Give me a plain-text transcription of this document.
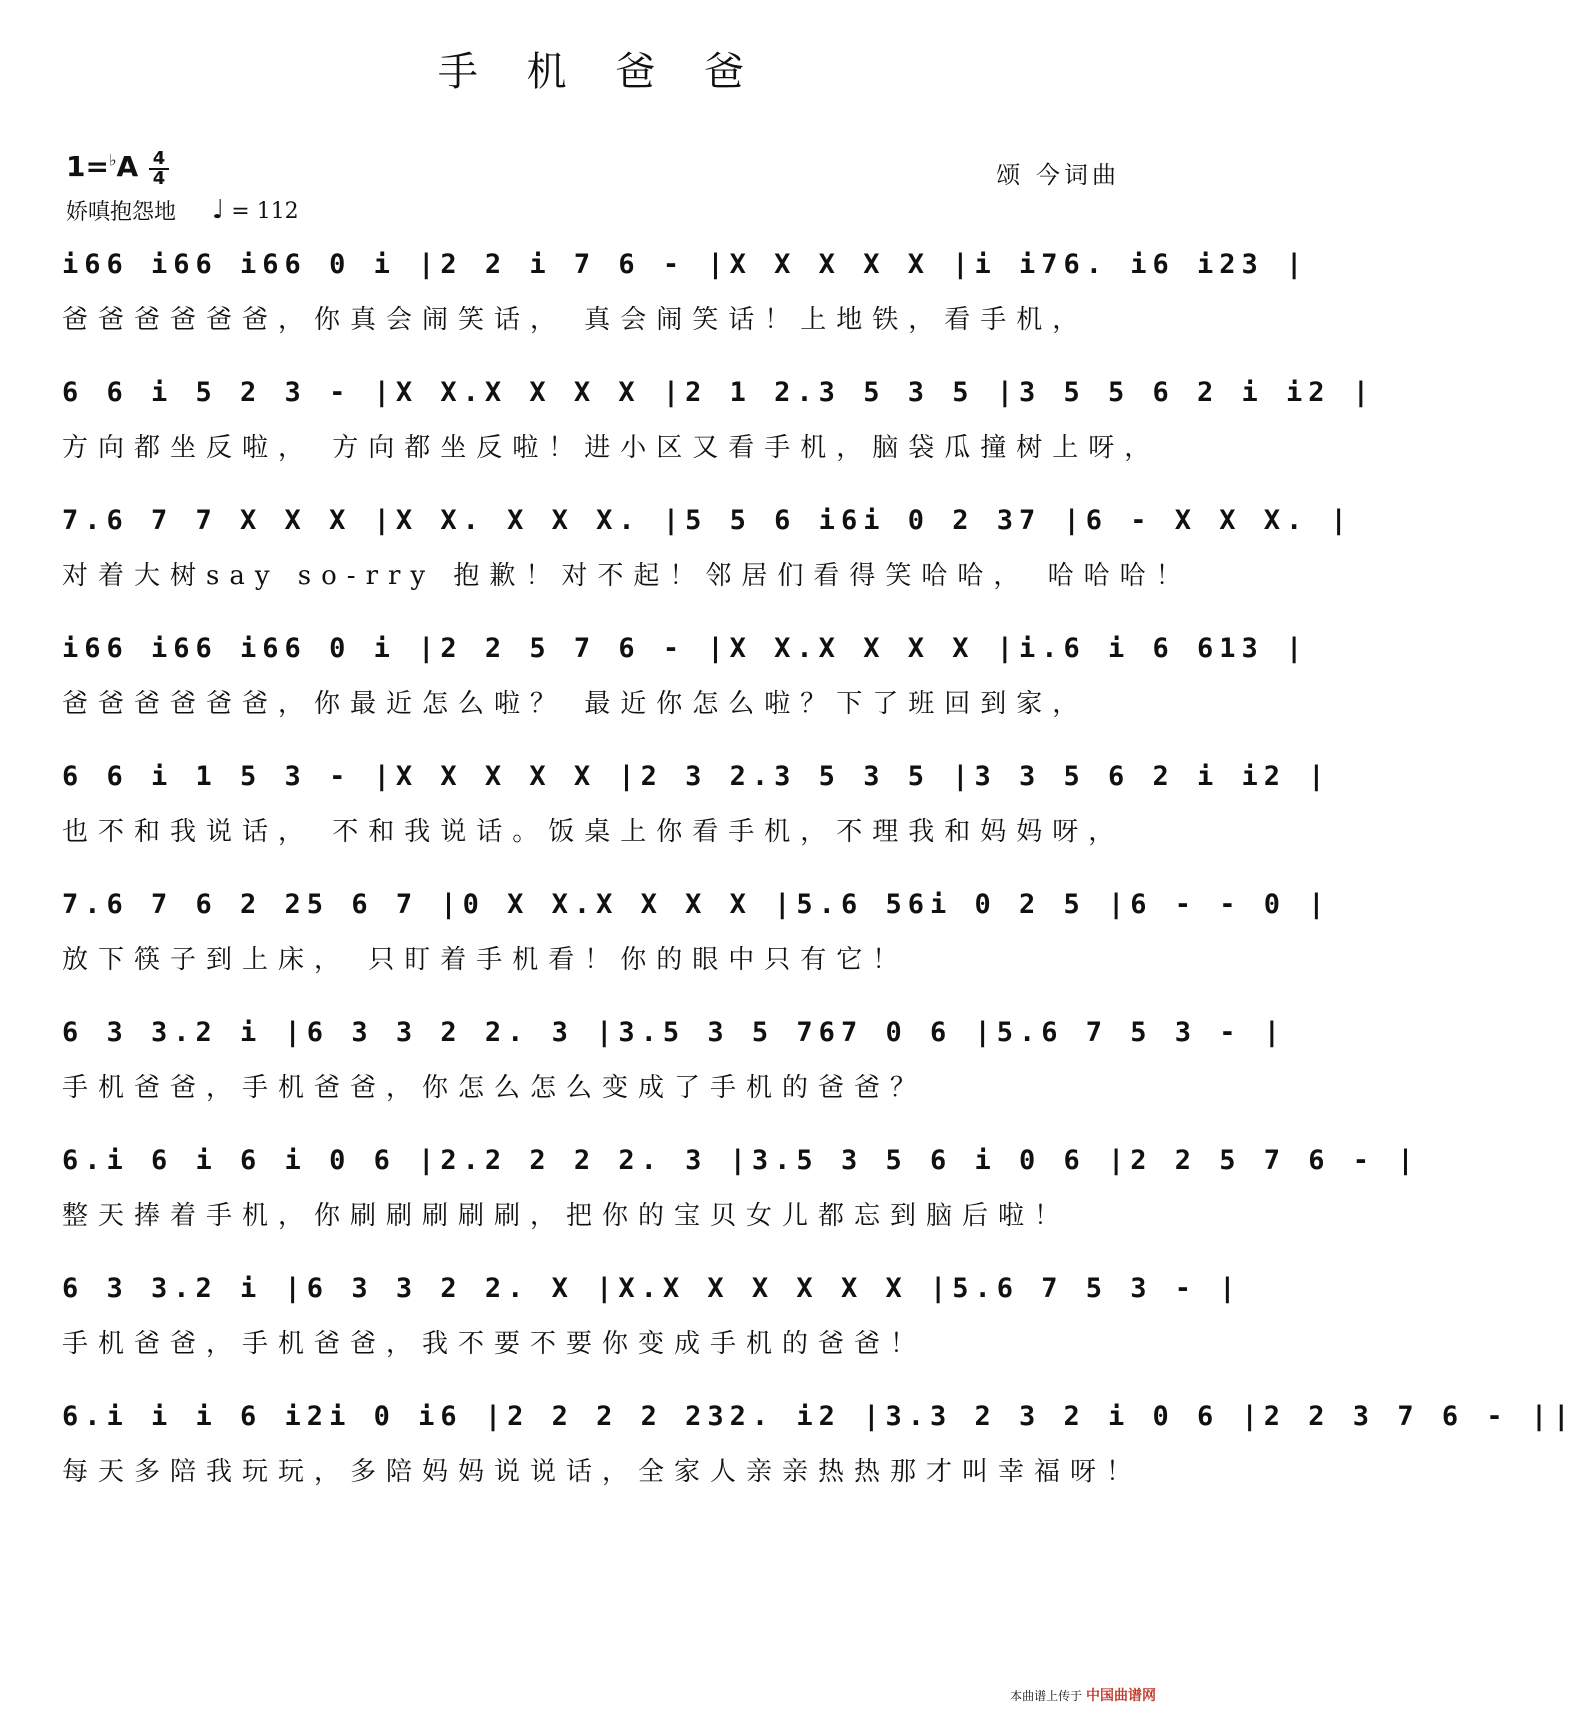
手 机 爸 爸
1=♭A 4
4	颂 今词曲
娇嗔抱怨地 ♩ = 112
i66 i66 i66 0 i |2 2 i 7 6 - |X X X X X |i i76. i6 i23 |
爸爸爸爸爸爸，你真会闹笑话， 真会闹笑话！上地铁，看手机，
6 6 i 5 2 3 - |X X.X X X X |2 1 2.3 5 3 5 |3 5 5 6 2 i i2 |
方向都坐反啦， 方向都坐反啦！进小区又看手机，脑袋瓜撞树上呀，
7.6 7 7 X X X |X X. X X X. |5 5 6 i6i 0 2 37 |6 - X X X. |
对着大树say so-rry 抱歉！对不起！邻居们看得笑哈哈， 哈哈哈！
i66 i66 i66 0 i |2 2 5 7 6 - |X X.X X X X |i.6 i 6 613 |
爸爸爸爸爸爸，你最近怎么啦？ 最近你怎么啦？下了班回到家，
6 6 i 1 5 3 - |X X X X X |2 3 2.3 5 3 5 |3 3 5 6 2 i i2 |
也不和我说话， 不和我说话。饭桌上你看手机，不理我和妈妈呀，
7.6 7 6 2 25 6 7 |0 X X.X X X X |5.6 56i 0 2 5 |6 - - 0 |
放下筷子到上床， 只盯着手机看！你的眼中只有它！
6 3 3.2 i |6 3 3 2 2. 3 |3.5 3 5 767 0 6 |5.6 7 5 3 - |
手机爸爸，手机爸爸，你怎么怎么变成了手机的爸爸？
6.i 6 i 6 i 0 6 |2.2 2 2 2. 3 |3.5 3 5 6 i 0 6 |2 2 5 7 6 - |
整天捧着手机，你刷刷刷刷刷，把你的宝贝女儿都忘到脑后啦！
6 3 3.2 i |6 3 3 2 2. X |X.X X X X X X |5.6 7 5 3 - |
手机爸爸，手机爸爸，我不要不要你变成手机的爸爸！
6.i i i 6 i2i 0 i6 |2 2 2 2 232. i2 |3.3 2 3 2 i 0 6 |2 2 3 7 6 - ||
每天多陪我玩玩，多陪妈妈说说话，全家人亲亲热热那才叫幸福呀！
本曲谱上传于 中国曲谱网
